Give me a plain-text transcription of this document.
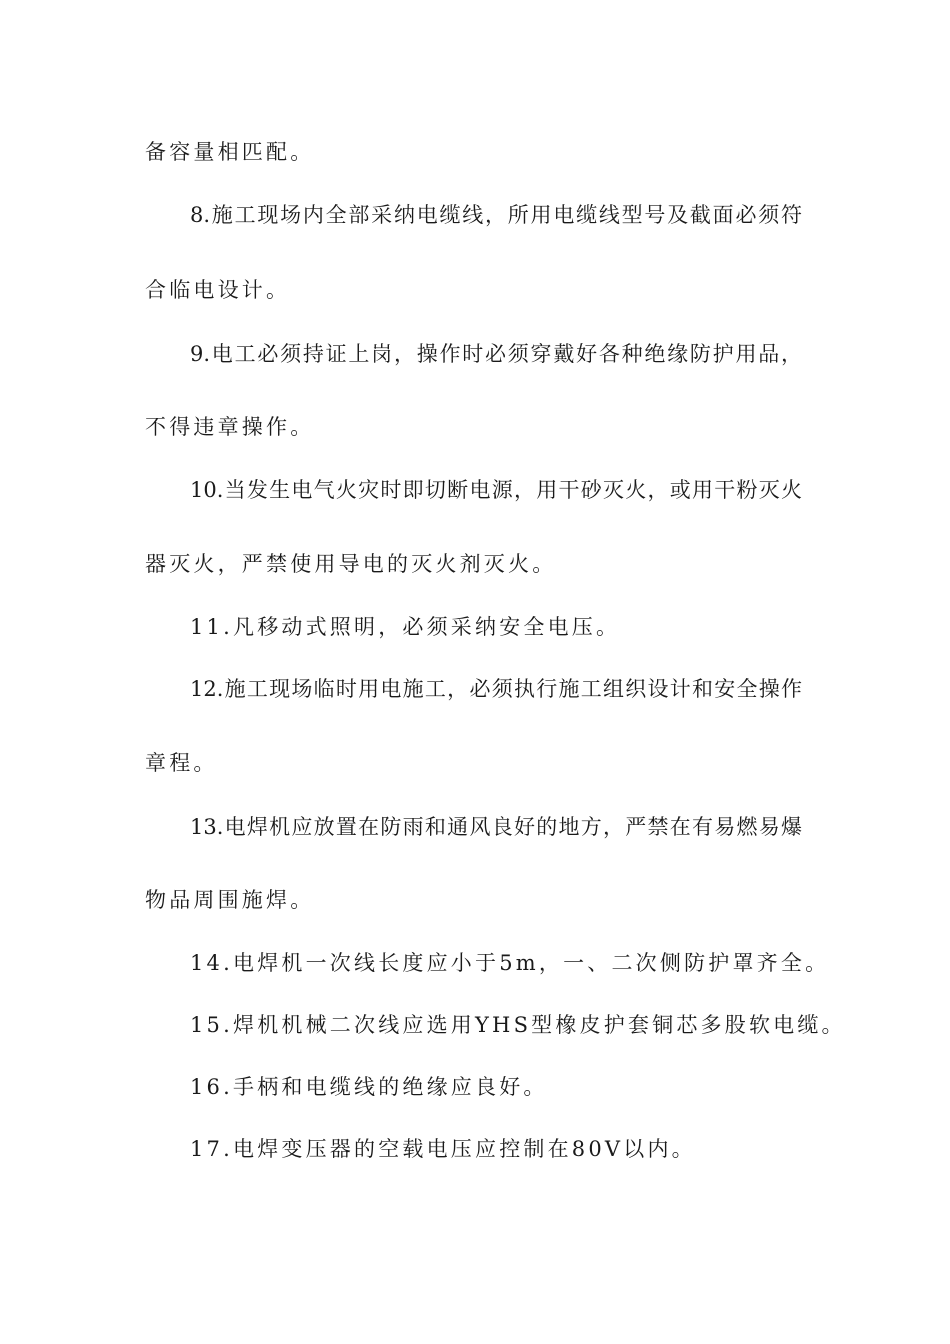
备容量相匹配。
8.施工现场内全部采纳电缆线，所用电缆线型号及截面必须符
合临电设计。
9.电工必须持证上岗，操作时必须穿戴好各种绝缘防护用品，
不得违章操作。
10.当发生电气火灾时即切断电源，用干砂灭火，或用干粉灭火
器灭火，严禁使用导电的灭火剂灭火。
11.凡移动式照明，必须采纳安全电压。
12.施工现场临时用电施工，必须执行施工组织设计和安全操作
章程。
13.电焊机应放置在防雨和通风良好的地方，严禁在有易燃易爆
物品周围施焊。
14.电焊机一次线长度应小于5m，一、二次侧防护罩齐全。
15.焊机机械二次线应选用YHS型橡皮护套铜芯多股软电缆。
16.手柄和电缆线的绝缘应良好。
17.电焊变压器的空载电压应控制在80V以内。
